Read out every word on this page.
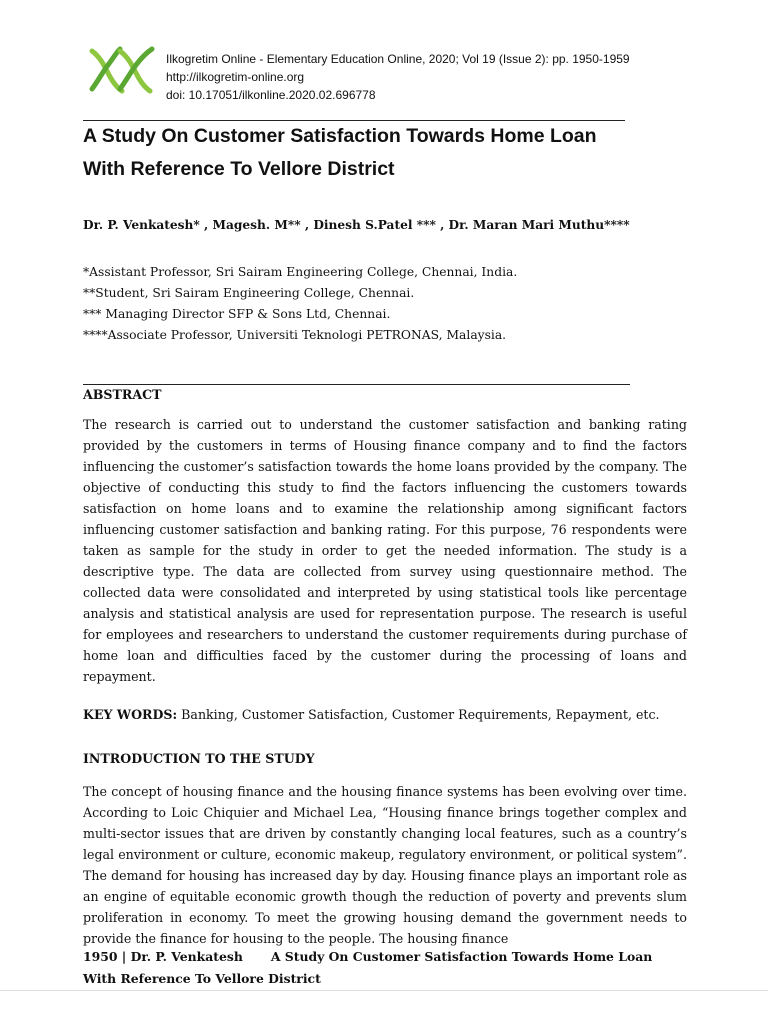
Ilkogretim Online - Elementary Education Online, 2020; Vol 19 (Issue 2): pp. 1950-1959
http://ilkogretim-online.org
doi: 10.17051/ilkonline.2020.02.696778
A Study On Customer Satisfaction Towards Home Loan With Reference To Vellore District
Dr. P. Venkatesh* , Magesh. M** , Dinesh S.Patel *** , Dr. Maran Mari Muthu****
*Assistant Professor, Sri Sairam Engineering College, Chennai, India.
**Student, Sri Sairam Engineering College, Chennai.
*** Managing Director SFP & Sons Ltd, Chennai.
****Associate Professor, Universiti Teknologi PETRONAS, Malaysia.
ABSTRACT
The research is carried out to understand the customer satisfaction and banking rating provided by the customers in terms of Housing finance company and to find the factors influencing the customer’s satisfaction towards the home loans provided by the company. The objective of conducting this study to find the factors influencing the customers towards satisfaction on home loans and to examine the relationship among significant factors influencing customer satisfaction and banking rating. For this purpose, 76 respondents were taken as sample for the study in order to get the needed information. The study is a descriptive type. The data are collected from survey using questionnaire method. The collected data were consolidated and interpreted by using statistical tools like percentage analysis and statistical analysis are used for representation purpose. The research is useful for employees and researchers to understand the customer requirements during purchase of home loan and difficulties faced by the customer during the processing of loans and repayment.
KEY WORDS: Banking, Customer Satisfaction, Customer Requirements, Repayment, etc.
INTRODUCTION TO THE STUDY
The concept of housing finance and the housing finance systems has been evolving over time. According to Loic Chiquier and Michael Lea, “Housing finance brings together complex and multi-sector issues that are driven by constantly changing local features, such as a country’s legal environment or culture, economic makeup, regulatory environment, or political system”. The demand for housing has increased day by day. Housing finance plays an important role as an engine of equitable economic growth though the reduction of poverty and prevents slum proliferation in economy. To meet the growing housing demand the government needs to provide the finance for housing to the people. The housing finance
1950 | Dr. P. Venkatesh A Study On Customer Satisfaction Towards Home Loan
With Reference To Vellore District
